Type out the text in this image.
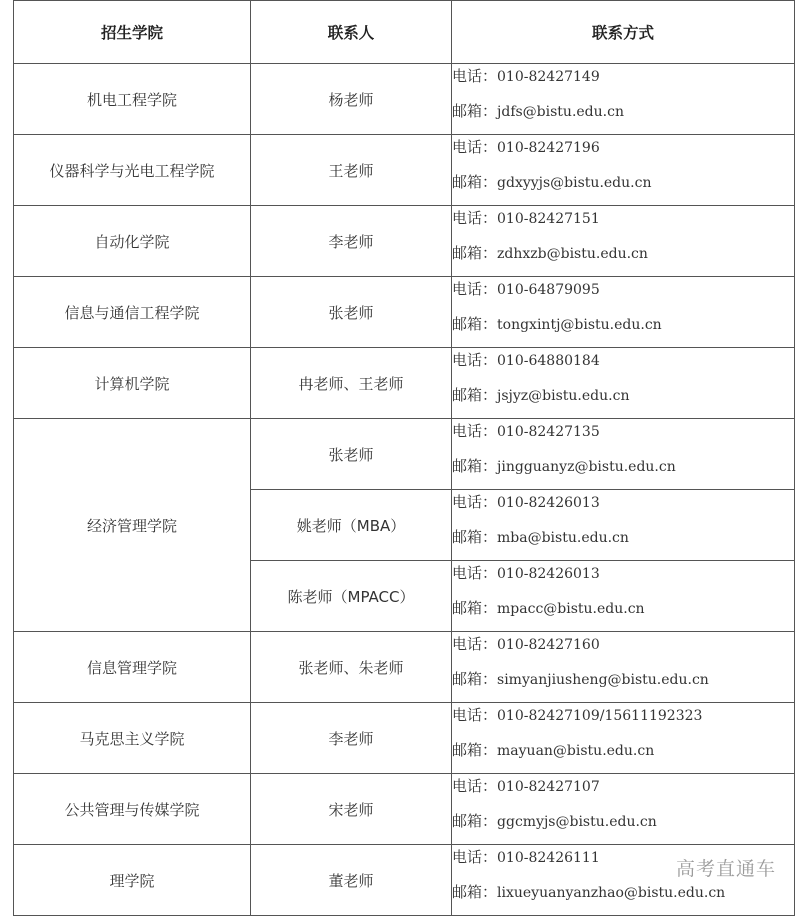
招生学院	联系人	联系方式
机电工程学院	杨老师	电话：010-82427149
邮箱：jdfs@bistu.edu.cn

仪器科学与光电工程学院	王老师	电话：010-82427196
邮箱：gdxyyjs@bistu.edu.cn

自动化学院	李老师	电话：010-82427151
邮箱：zdhxzb@bistu.edu.cn

信息与通信工程学院	张老师	电话：010-64879095
邮箱：tongxintj@bistu.edu.cn

计算机学院	冉老师、王老师	电话：010-64880184
邮箱：jsjyz@bistu.edu.cn

经济管理学院	张老师	电话：010-82427135
邮箱：jingguanyz@bistu.edu.cn

	姚老师（MBA）	电话：010-82426013
邮箱：mba@bistu.edu.cn

	陈老师（MPACC）	电话：010-82426013
邮箱：mpacc@bistu.edu.cn

信息管理学院	张老师、朱老师	电话：010-82427160
邮箱：simyanjiusheng@bistu.edu.cn

马克思主义学院	李老师	电话：010-82427109/15611192323
邮箱：mayuan@bistu.edu.cn

公共管理与传媒学院	宋老师	电话：010-82427107
邮箱：ggcmyjs@bistu.edu.cn

理学院	董老师	电话：010-82426111
邮箱：lixueyuanyanzhao@bistu.edu.cn
高考直通车
